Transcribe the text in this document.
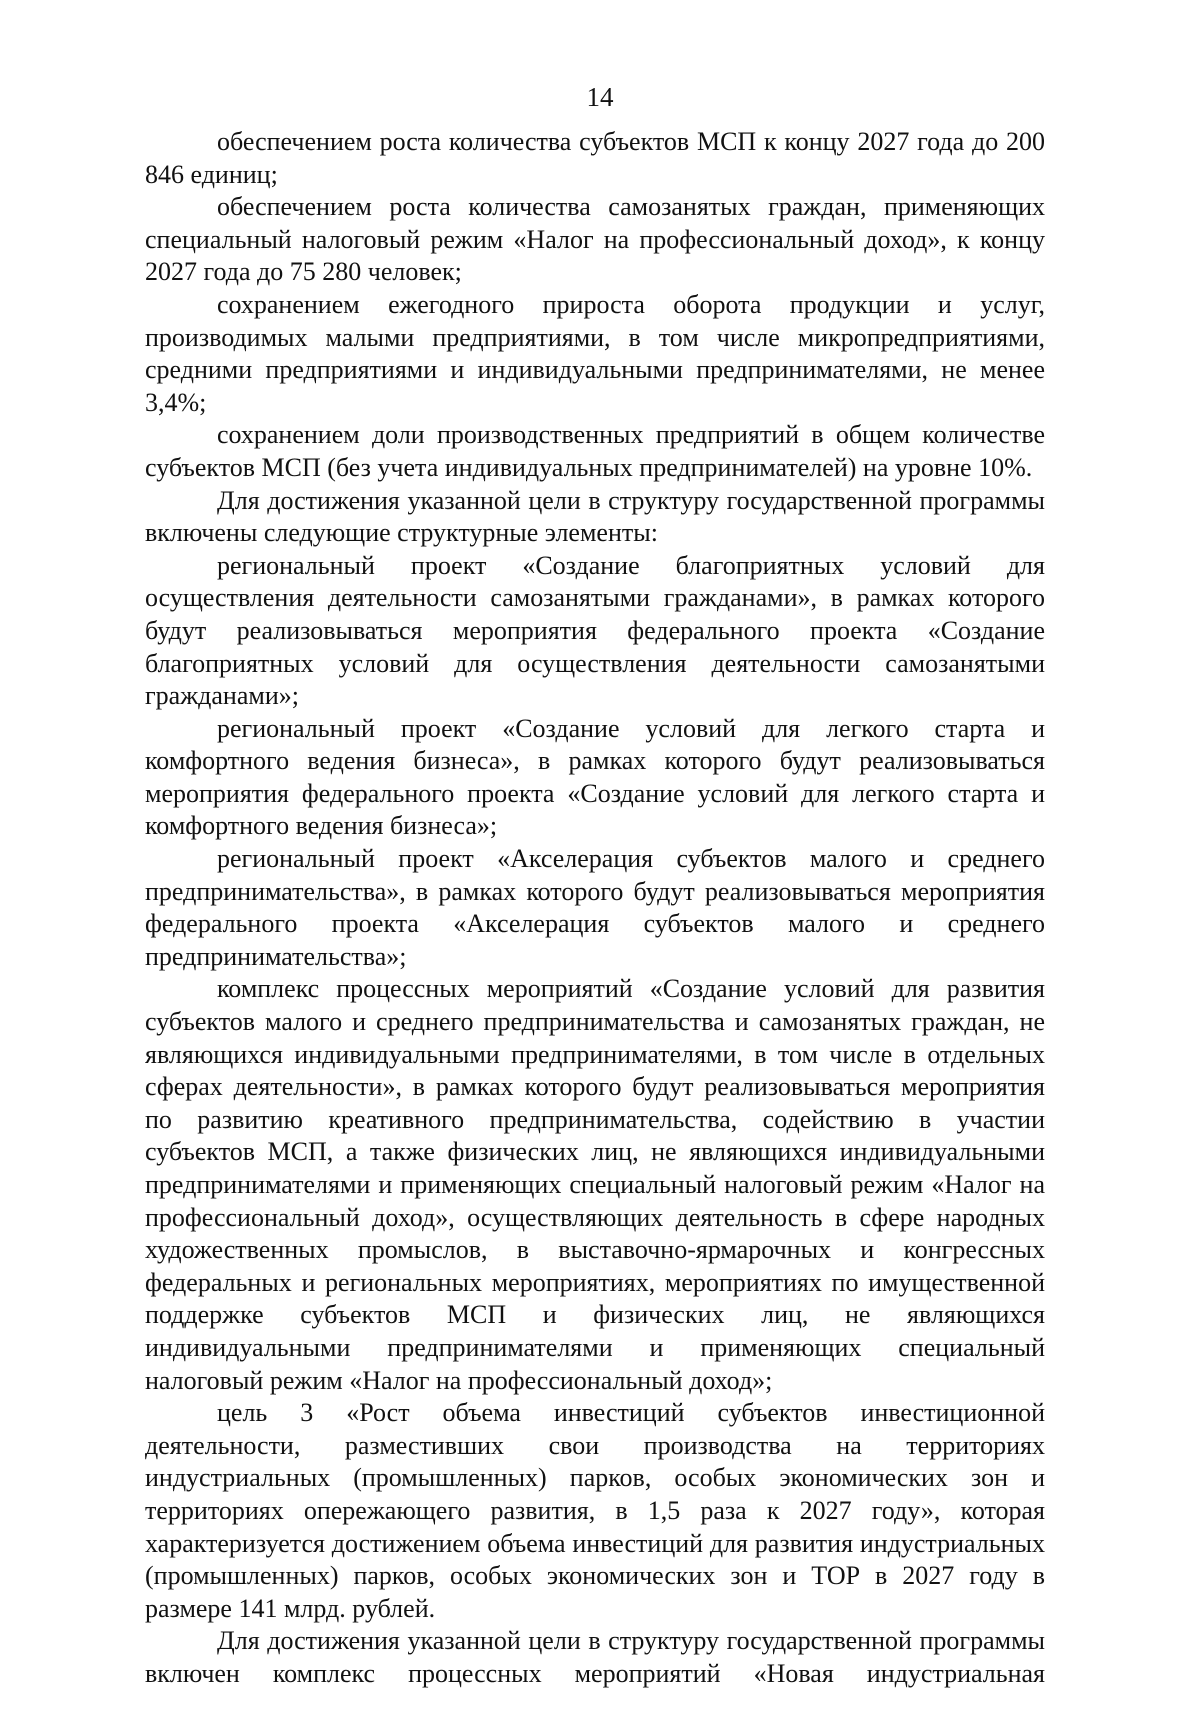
14

обеспечением роста количества субъектов МСП к концу 2027 года до 200 846 единиц;

обеспечением роста количества самозанятых граждан, применяющих специальный налоговый режим «Налог на профессиональный доход», к концу 2027 года до 75 280 человек;

сохранением ежегодного прироста оборота продукции и услуг, производимых малыми предприятиями, в том числе микропредприятиями, средними предприятиями и индивидуальными предпринимателями, не менее 3,4%;

сохранением доли производственных предприятий в общем количестве субъектов МСП (без учета индивидуальных предпринимателей) на уровне 10%.

Для достижения указанной цели в структуру государственной программы включены следующие структурные элементы:

региональный проект «Создание благоприятных условий для осуществления деятельности самозанятыми гражданами», в рамках которого будут реализовываться мероприятия федерального проекта «Создание благоприятных условий для осуществления деятельности самозанятыми гражданами»;

региональный проект «Создание условий для легкого старта и комфортного ведения бизнеса», в рамках которого будут реализовываться мероприятия федерального проекта «Создание условий для легкого старта и комфортного ведения бизнеса»;

региональный проект «Акселерация субъектов малого и среднего предпринимательства», в рамках которого будут реализовываться мероприятия федерального проекта «Акселерация субъектов малого и среднего предпринимательства»;

комплекс процессных мероприятий «Создание условий для развития субъектов малого и среднего предпринимательства и самозанятых граждан, не являющихся индивидуальными предпринимателями, в том числе в отдельных сферах деятельности», в рамках которого будут реализовываться мероприятия по развитию креативного предпринимательства, содействию в участии субъектов МСП, а также физических лиц, не являющихся индивидуальными предпринимателями и применяющих специальный налоговый режим «Налог на профессиональный доход», осуществляющих деятельность в сфере народных художественных промыслов, в выставочно-ярмарочных и конгрессных федеральных и региональных мероприятиях, мероприятиях по имущественной поддержке субъектов МСП и физических лиц, не являющихся индивидуальными предпринимателями и применяющих специальный налоговый режим «Налог на профессиональный доход»;

цель 3 «Рост объема инвестиций субъектов инвестиционной деятельности, разместивших свои производства на территориях индустриальных (промышленных) парков, особых экономических зон и территориях опережающего развития, в 1,5 раза к 2027 году», которая характеризуется достижением объема инвестиций для развития индустриальных (промышленных) парков, особых экономических зон и ТОР в 2027 году в размере 141 млрд. рублей.

Для достижения указанной цели в структуру государственной программы включен комплекс процессных мероприятий «Новая индустриальная
